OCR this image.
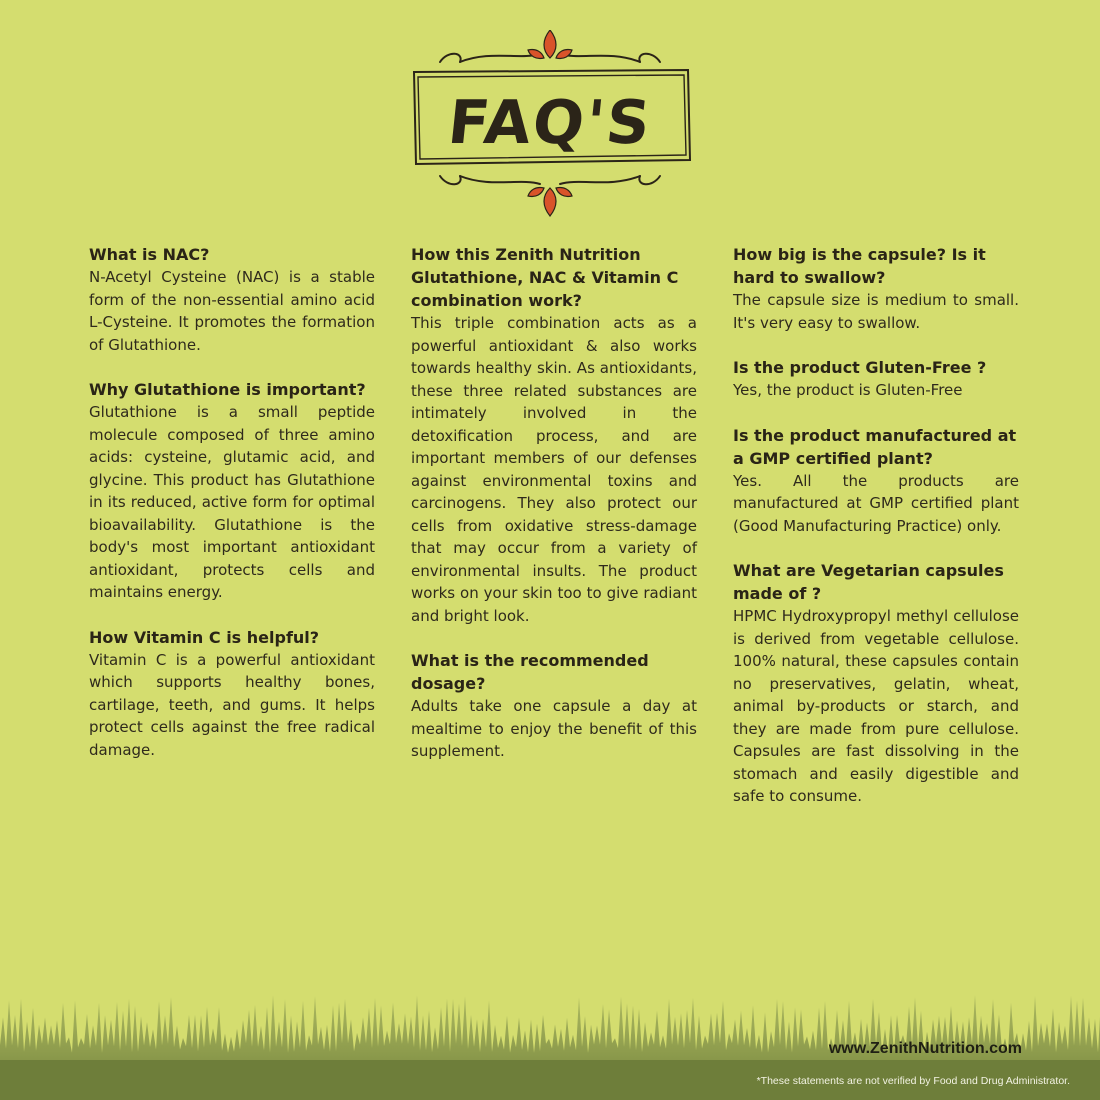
FAQ'S

What is NAC?

N-Acetyl Cysteine (NAC) is a stable form of the non-essential amino acid L-Cysteine. It promotes the formation of Glutathione.

Why Glutathione is important?

Glutathione is a small peptide molecule composed of three amino acids: cysteine, glutamic acid, and glycine. This product has Glutathione in its reduced, active form for optimal bioavailability. Glutathione is the body's most important antioxidant antioxidant, protects cells and maintains energy.

How Vitamin C is helpful?

Vitamin C is a powerful antioxidant which supports healthy bones, cartilage, teeth, and gums. It helps protect cells against the free radical damage.

How this Zenith Nutrition Glutathione, NAC & Vitamin C combination work?

This triple combination acts as a powerful antioxidant & also works towards healthy skin. As antioxidants, these three related substances are intimately involved in the detoxification process, and are important members of our defenses against environmental toxins and carcinogens. They also protect our cells from oxidative stress-damage that may occur from a variety of environmental insults. The product works on your skin too to give radiant and bright look.

What is the recommended dosage?

Adults take one capsule a day at mealtime to enjoy the benefit of this supplement.

How big is the capsule? Is it hard to swallow?

The capsule size is medium to small. It's very easy to swallow.

Is the product Gluten-Free ?

Yes, the product is Gluten-Free

Is the product manufactured at a GMP certified plant?

Yes. All the products are manufactured at GMP certified plant (Good Manufacturing Practice) only.

What are Vegetarian capsules made of ?

HPMC Hydroxypropyl methyl cellulose is derived from vegetable cellulose. 100% natural, these capsules contain no preservatives, gelatin, wheat, animal by-products or starch, and they are made from pure cellulose. Capsules are fast dissolving in the stomach and easily digestible and safe to consume.

www.ZenithNutrition.com
*These statements are not verified by Food and Drug Administrator.
